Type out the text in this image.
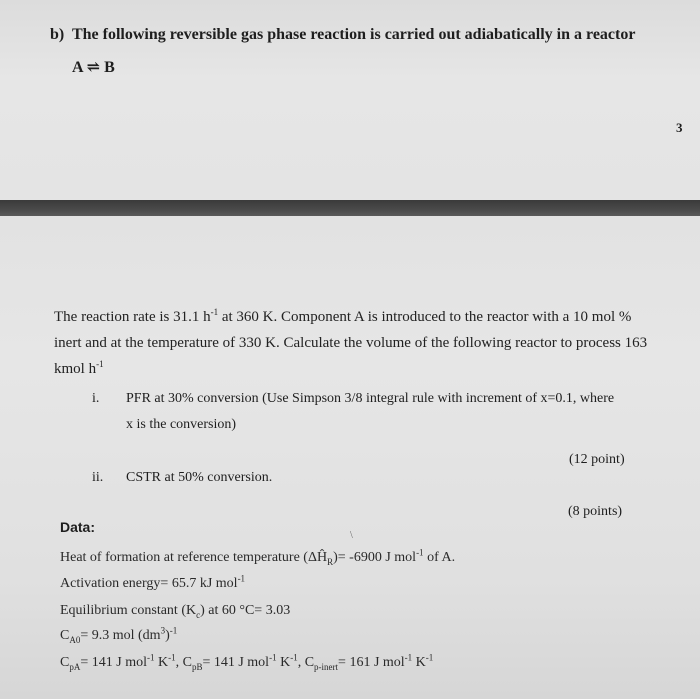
b) The following reversible gas phase reaction is carried out adiabatically in a reactor
A ⇌ B
3
The reaction rate is 31.1 $h^{-1}$ at 360 K. Component A is introduced to the reactor with a 10 mol %
inert and at the temperature of 330 K. Calculate the volume of the following reactor to process 163
kmol $h^{-1}$
i. PFR at 30% conversion (Use Simpson 3/8 integral rule with increment of x=0.1, where
x is the conversion)
(12 point)
ii. CSTR at 50% conversion.
(8 points)
Data:
\
Heat of formation at reference temperature $(\Delta Ĥ_R)= -6900$ J mol$^{-1}$ of A.
Activation energy= 65.7 kJ mol$^{-1}$
Equilibrium constant $(K_c)$ at 60 °C= 3.03
$C_{A0}= 9.3$ mol $(dm^3)^{-1}$
$C_{pA}= 141$ J mol$^{-1}$ $K^{-1}$, $C_{pB}= 141$ J mol$^{-1}$ $K^{-1}$, $C_{p-inert}= 161$ J mol$^{-1}$ $K^{-1}$
